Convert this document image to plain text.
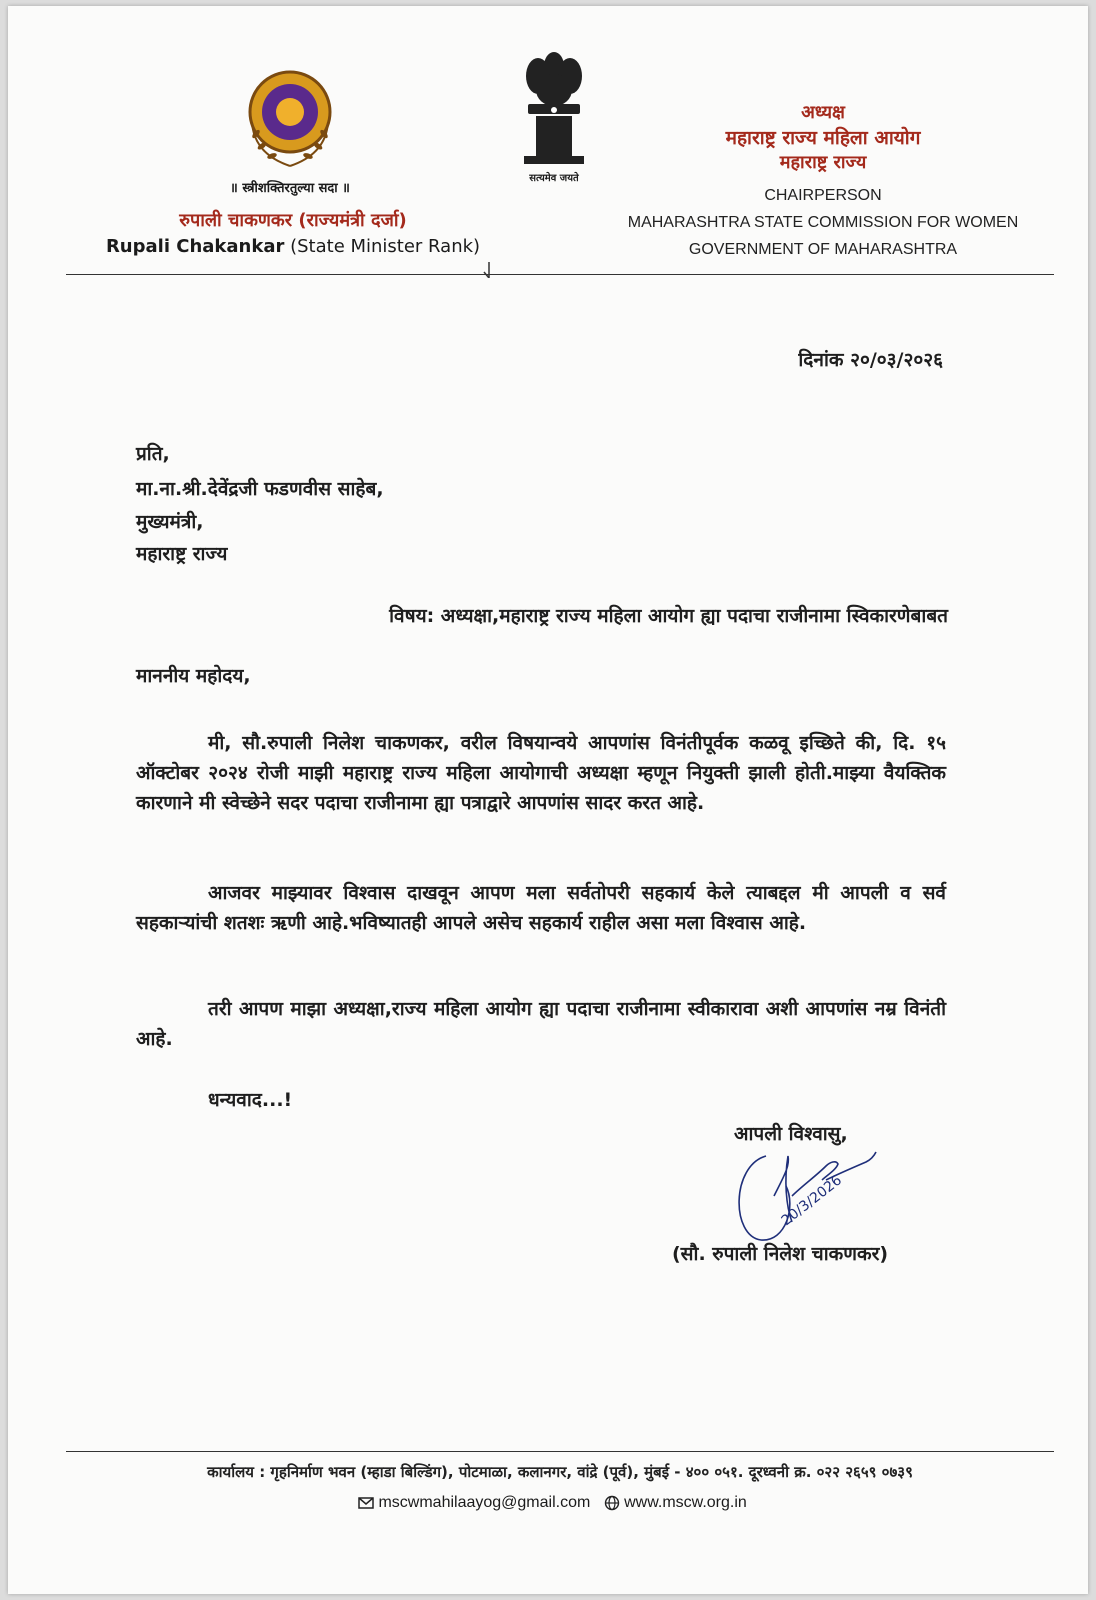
॥ स्त्रीशक्तिरतुल्या सदा ॥
रुपाली चाकणकर (राज्यमंत्री दर्जा)
Rupali Chakankar (State Minister Rank)
सत्यमेव जयते
अध्यक्ष
महाराष्ट्र राज्य महिला आयोग
महाराष्ट्र राज्य
CHAIRPERSON
MAHARASHTRA STATE COMMISSION FOR WOMEN
GOVERNMENT OF MAHARASHTRA
दिनांक २०/०३/२०२६
प्रति,
मा.ना.श्री.देवेंद्रजी फडणवीस साहेब,
मुख्यमंत्री,
महाराष्ट्र राज्य
विषय: अध्यक्षा,महाराष्ट्र राज्य महिला आयोग ह्या पदाचा राजीनामा स्विकारणेबाबत
माननीय महोदय,
मी, सौ.रुपाली निलेश चाकणकर, वरील विषयान्वये आपणांस विनंतीपूर्वक कळवू इच्छिते की, दि. १५ ऑक्टोबर २०२४ रोजी माझी महाराष्ट्र राज्य महिला आयोगाची अध्यक्षा म्हणून नियुक्ती झाली होती.माझ्या वैयक्तिक कारणाने मी स्वेच्छेने सदर पदाचा राजीनामा ह्या पत्राद्वारे आपणांस सादर करत आहे.
आजवर माझ्यावर विश्वास दाखवून आपण मला सर्वतोपरी सहकार्य केले त्याबद्दल मी आपली व सर्व सहकाऱ्यांची शतशः ऋणी आहे.भविष्यातही आपले असेच सहकार्य राहील असा मला विश्वास आहे.
तरी आपण माझा अध्यक्षा,राज्य महिला आयोग ह्या पदाचा राजीनामा स्वीकारावा अशी आपणांस नम्र विनंती आहे.
धन्यवाद...!
आपली विश्वासु,
20/3/2026
(सौ. रुपाली निलेश चाकणकर)
कार्यालय : गृहनिर्माण भवन (म्हाडा बिल्डिंग), पोटमाळा, कलानगर, वांद्रे (पूर्व), मुंबई - ४०० ०५१. दूरध्वनी क्र. ०२२ २६५९ ०७३९
mscwmahilaayog@gmail.com www.mscw.org.in
